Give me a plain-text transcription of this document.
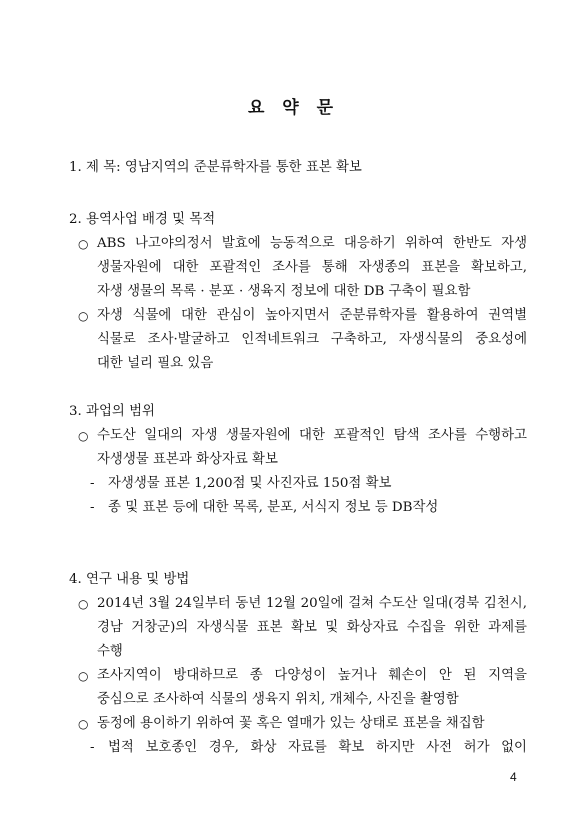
요 약 문
1. 제 목: 영남지역의 준분류학자를 통한 표본 확보
2. 용역사업 배경 및 목적
○ ABS 나고야의정서 발효에 능동적으로 대응하기 위하여 한반도 자생
생물자원에 대한 포괄적인 조사를 통해 자생종의 표본을 확보하고,
자생 생물의 목록 · 분포 · 생육지 정보에 대한 DB 구축이 필요함
○ 자생 식물에 대한 관심이 높아지면서 준분류학자를 활용하여 권역별
식물로 조사·발굴하고 인적네트워크 구축하고, 자생식물의 중요성에
대한 널리 필요 있음
3. 과업의 범위
○ 수도산 일대의 자생 생물자원에 대한 포괄적인 탐색 조사를 수행하고
자생생물 표본과 화상자료 확보
- 자생생물 표본 1,200점 및 사진자료 150점 확보
- 종 및 표본 등에 대한 목록, 분포, 서식지 정보 등 DB작성
4. 연구 내용 및 방법
○ 2014년 3월 24일부터 동년 12월 20일에 걸쳐 수도산 일대(경북 김천시,
경남 거창군)의 자생식물 표본 확보 및 화상자료 수집을 위한 과제를
수행
○ 조사지역이 방대하므로 종 다양성이 높거나 훼손이 안 된 지역을
중심으로 조사하여 식물의 생육지 위치, 개체수, 사진을 촬영함
○ 동정에 용이하기 위하여 꽃 혹은 열매가 있는 상태로 표본을 채집함
- 법적 보호종인 경우, 화상 자료를 확보 하지만 사전 허가 없이
4
